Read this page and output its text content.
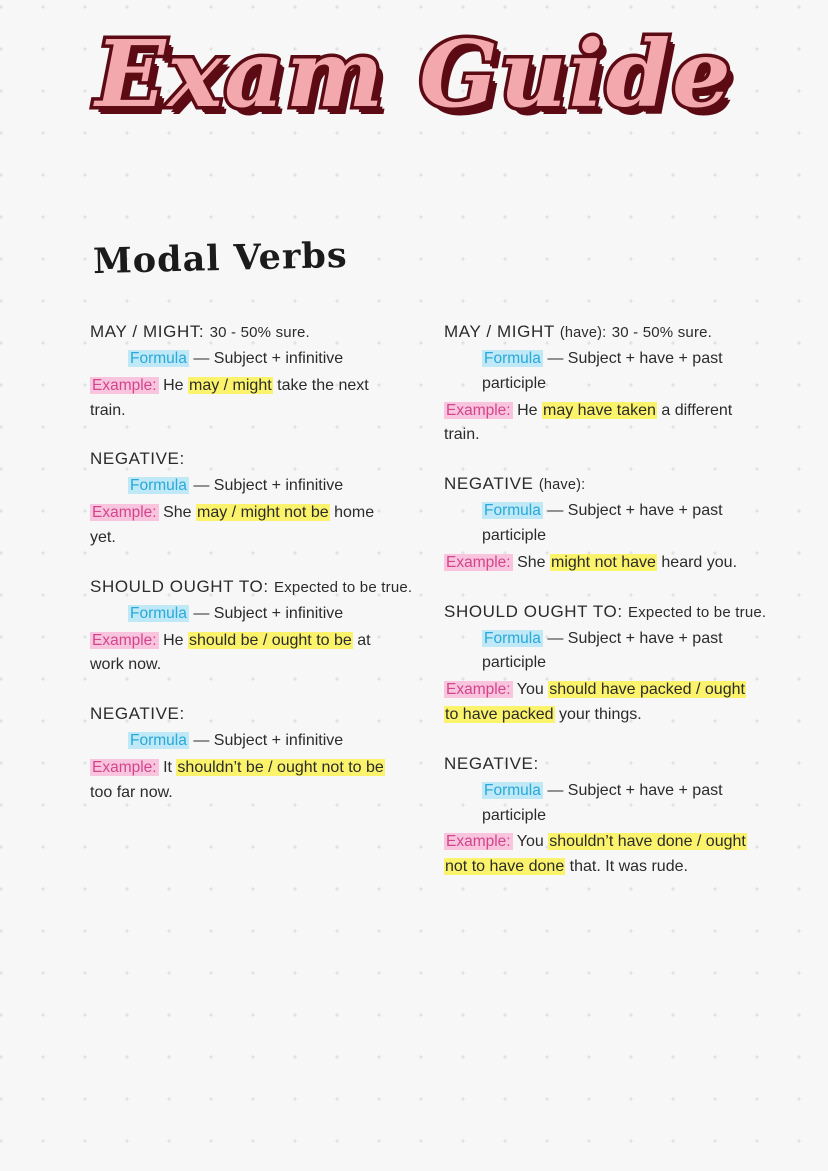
Exam Guide
Modal Verbs
MAY / MIGHT: 30 - 50% sure.
Formula — Subject + infinitive
Example: He may / might take the next train.
NEGATIVE:
Formula — Subject + infinitive
Example: She may / might not be home yet.
SHOULD OUGHT TO: Expected to be true.
Formula — Subject + infinitive
Example: He should be / ought to be at work now.
NEGATIVE:
Formula — Subject + infinitive
Example: It shouldn’t be / ought not to be too far now.
MAY / MIGHT (have): 30 - 50% sure.
Formula — Subject + have + past participle
Example: He may have taken a different train.
NEGATIVE (have):
Formula — Subject + have + past participle
Example: She might not have heard you.
SHOULD OUGHT TO: Expected to be true.
Formula — Subject + have + past participle
Example: You should have packed / ought to have packed your things.
NEGATIVE:
Formula — Subject + have + past participle
Example: You shouldn’t have done / ought not to have done that. It was rude.
